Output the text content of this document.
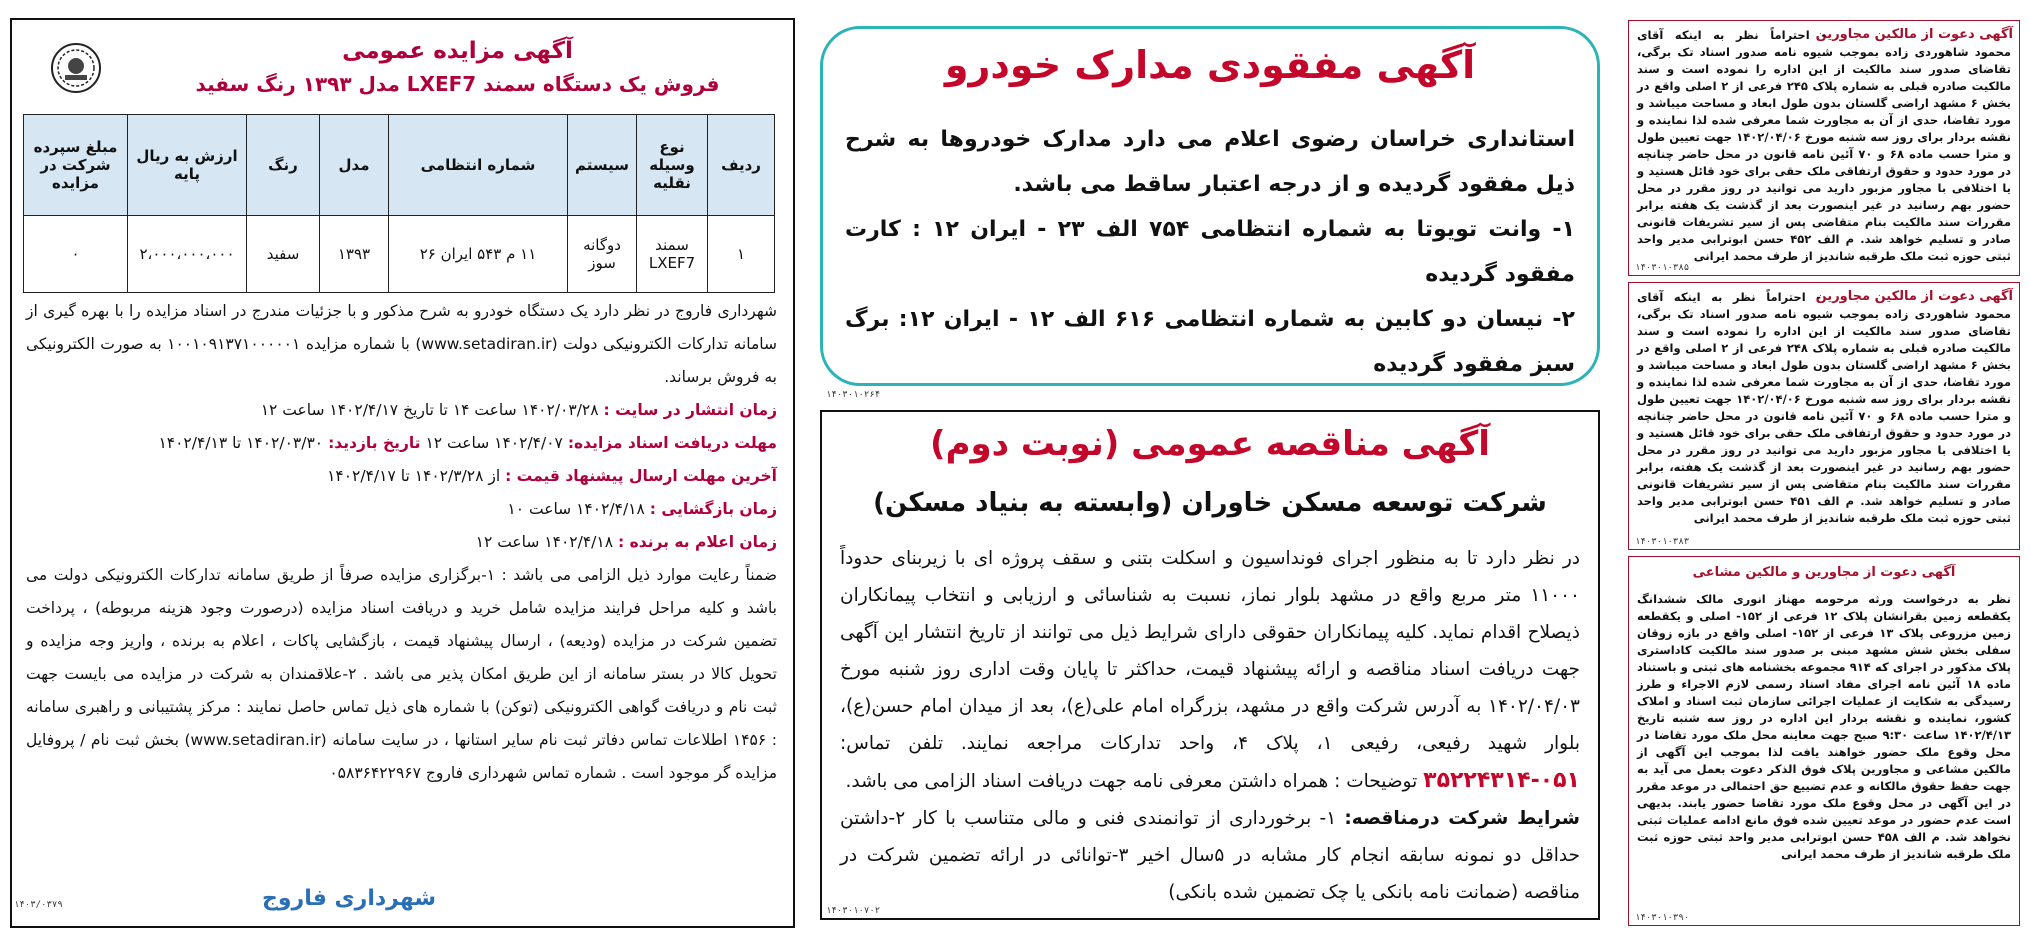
آگهی مزایده عمومی
فروش یک دستگاه سمند LXEF7 مدل ۱۳۹۳ رنگ سفید
ردیف	نوع وسیله نقلیه	سیستم	شماره انتظامی	مدل	رنگ	ارزش به ریال پایه	مبلغ سپرده شرکت در مزایده
۱	سمند LXEF7	دوگانه سوز	۱۱ م ۵۴۳ ایران ۲۶	۱۳۹۳	سفید	۲،۰۰۰،۰۰۰،۰۰۰	۰
شهرداری فاروج در نظر دارد یک دستگاه خودرو به شرح مذکور و با جزئیات مندرج در اسناد مزایده را با بهره گیری از سامانه تدارکات الکترونیکی دولت (www.setadiran.ir) با شماره مزایده ۱۰۰۱۰۹۱۳۷۱۰۰۰۰۰۱ به صورت الکترونیکی به فروش برساند.
زمان انتشار در سایت : ۱۴۰۲/۰۳/۲۸ ساعت ۱۴ تا تاریخ ۱۴۰۲/۴/۱۷ ساعت ۱۲
مهلت دریافت اسناد مزایده: ۱۴۰۲/۴/۰۷ ساعت ۱۲ تاریخ بازدید: ۱۴۰۲/۰۳/۳۰ تا ۱۴۰۲/۴/۱۳
آخرین مهلت ارسال پیشنهاد قیمت : از ۱۴۰۲/۳/۲۸ تا ۱۴۰۲/۴/۱۷
زمان بازگشایی : ۱۴۰۲/۴/۱۸ ساعت ۱۰
زمان اعلام به برنده : ۱۴۰۲/۴/۱۸ ساعت ۱۲
ضمناً رعایت موارد ذیل الزامی می باشد : ۱-برگزاری مزایده صرفاً از طریق سامانه تدارکات الکترونیکی دولت می باشد و کلیه مراحل فرایند مزایده شامل خرید و دریافت اسناد مزایده (درصورت وجود هزینه مربوطه) ، پرداخت تضمین شرکت در مزایده (ودیعه) ، ارسال پیشنهاد قیمت ، بازگشایی پاکات ، اعلام به برنده ، واریز وجه مزایده و تحویل کالا در بستر سامانه از این طریق امکان پذیر می باشد . ۲-علاقمندان به شرکت در مزایده می بایست جهت ثبت نام و دریافت گواهی الکترونیکی (توکن) با شماره های ذیل تماس حاصل نمایند : مرکز پشتیبانی و راهبری سامانه : ۱۴۵۶ اطلاعات تماس دفاتر ثبت نام سایر استانها ، در سایت سامانه (www.setadiran.ir) بخش ثبت نام / پروفایل مزایده گر موجود است . شماره تماس شهرداری فاروج ۰۵۸۳۶۴۲۲۹۶۷
شهرداری فاروج
۱۴۰۳/۰۳۷۹
آگهی مفقودی مدارک خودرو
استانداری خراسان رضوی اعلام می دارد مدارک خودروها به شرح ذیل مفقود گردیده و از درجه اعتبار ساقط می باشد.
۱- وانت تویوتا به شماره انتظامی ۷۵۴ الف ۲۳ - ایران ۱۲ : کارت مفقود گردیده
۲- نیسان دو کابین به شماره انتظامی ۶۱۶ الف ۱۲ - ایران ۱۲: برگ سبز مفقود گردیده
۱۴۰۳۰۱۰۲۶۴
آگهی مناقصه عمومی (نوبت دوم)
شرکت توسعه مسکن خاوران (وابسته به بنیاد مسکن)
در نظر دارد تا به منظور اجرای فونداسیون و اسکلت بتنی و سقف پروژه ای با زیربنای حدوداً ۱۱۰۰۰ متر مربع واقع در مشهد بلوار نماز، نسبت به شناسائی و ارزیابی و انتخاب پیمانکاران ذیصلاح اقدام نماید. کلیه پیمانکاران حقوقی دارای شرایط ذیل می توانند از تاریخ انتشار این آگهی جهت دریافت اسناد مناقصه و ارائه پیشنهاد قیمت، حداکثر تا پایان وقت اداری روز شنبه مورخ ۱۴۰۲/۰۴/۰۳ به آدرس شرکت واقع در مشهد، بزرگراه امام علی(ع)، بعد از میدان امام حسن(ع)، بلوار شهید رفیعی، رفیعی ۱، پلاک ۴، واحد تدارکات مراجعه نمایند. تلفن تماس: ۰۵۱-۳۵۲۲۴۳۱۴ توضیحات : همراه داشتن معرفی نامه جهت دریافت اسناد الزامی می باشد.
شرایط شرکت درمناقصه: ۱- برخورداری از توانمندی فنی و مالی متناسب با کار ۲-داشتن حداقل دو نمونه سابقه انجام کار مشابه در ۵سال اخیر ۳-توانائی در ارائه تضمین شرکت در مناقصه (ضمانت نامه بانکی یا چک تضمین شده بانکی)
۱۴۰۳۰۱۰۷۰۲
آگهی دعوت از مالکین مجاورین
- احتراماً نظر به اینکه آقای محمود شاهوردی زاده بموجب شیوه نامه صدور اسناد تک برگی، تقاضای صدور سند مالکیت از این اداره را نموده است و سند مالکیت صادره قبلی به شماره پلاک ۲۴۵ فرعی از ۲ اصلی واقع در بخش ۶ مشهد اراضی گلستان بدون طول ابعاد و مساحت میباشد و مورد تقاضا، حدی از آن به مجاورت شما معرفی شده لذا نماینده و نقشه بردار برای روز سه شنبه مورخ ۱۴۰۲/۰۴/۰۶ جهت تعیین طول و مترا حسب ماده ۶۸ و ۷۰ آئین نامه قانون در محل حاضر چنانچه در مورد حدود و حقوق ارتفاقی ملک حقی برای خود قائل هستید و یا اختلافی با مجاور مزبور دارید می توانید در روز مقرر در محل حضور بهم رسانید در غیر اینصورت بعد از گذشت یک هفته برابر مقررات سند مالکیت بنام متقاضی پس از سیر تشریفات قانونی صادر و تسلیم خواهد شد. م الف ۴۵۲ حسن ابوترابی مدیر واحد ثبتی حوزه ثبت ملک طرقبه شاندیز از طرف محمد ایرانی
۱۴۰۳۰۱۰۳۸۵
آگهی دعوت از مالکین مجاورین
- احتراماً نظر به اینکه آقای محمود شاهوردی زاده بموجب شیوه نامه صدور اسناد تک برگی، تقاضای صدور سند مالکیت از این اداره را نموده است و سند مالکیت صادره قبلی به شماره پلاک ۲۴۸ فرعی از ۲ اصلی واقع در بخش ۶ مشهد اراضی گلستان بدون طول ابعاد و مساحت میباشد و مورد تقاضا، حدی از آن به مجاورت شما معرفی شده لذا نماینده و نقشه بردار برای روز سه شنبه مورخ ۱۴۰۲/۰۴/۰۶ جهت تعیین طول و مترا حسب ماده ۶۸ و ۷۰ آئین نامه قانون در محل حاضر چنانچه در مورد حدود و حقوق ارتفاقی ملک حقی برای خود قائل هستید و یا اختلافی با مجاور مزبور دارید می توانید در روز مقرر در محل حضور بهم رسانید در غیر اینصورت بعد از گذشت یک هفته، برابر مقررات سند مالکیت بنام متقاضی پس از سیر تشریفات قانونی صادر و تسلیم خواهد شد. م الف ۴۵۱ حسن ابوترابی مدیر واحد ثبتی حوزه ثبت ملک طرقبه شاندیز از طرف محمد ایرانی
۱۴۰۳۰۱۰۳۸۳
آگهی دعوت از مجاورین و مالکین مشاعی
نظر به درخواست ورثه مرحومه مهناز انوری مالک ششدانگ یکقطعه زمین بقرانشان پلاک ۱۲ فرعی از ۱۵۲- اصلی و یکقطعه زمین مزروعی پلاک ۱۳ فرعی از ۱۵۲- اصلی واقع در بازه زوقان سفلی بخش شش مشهد مبنی بر صدور سند مالکیت کاداستری پلاک مذکور در اجرای که ۹۱۴ مجموعه بخشنامه های ثبتی و باستناد ماده ۱۸ آئین نامه اجرای مفاد اسناد رسمی لازم الاجراء و طرز رسیدگی به شکایت از عملیات اجرائی سازمان ثبت اسناد و املاک کشور، نماینده و نقشه بردار این اداره در روز سه شنبه تاریخ ۱۴۰۲/۴/۱۳ ساعت ۹:۳۰ صبح جهت معاینه محل ملک مورد تقاضا در محل وقوع ملک حضور خواهند یافت لذا بموجب این آگهی از مالکین مشاعی و مجاورین پلاک فوق الذکر دعوت بعمل می آید به جهت حفظ حقوق مالکانه و عدم تضییع حق احتمالی در موعد مقرر در این آگهی در محل وقوع ملک مورد تقاضا حضور یابند. بدیهی است عدم حضور در موعد تعیین شده فوق مانع ادامه عملیات ثبتی نخواهد شد. م الف ۴۵۸ حسن ابوترابی مدیر واحد ثبتی حوزه ثبت ملک طرقبه شاندیز از طرف محمد ایرانی
۱۴۰۳۰۱۰۳۹۰
